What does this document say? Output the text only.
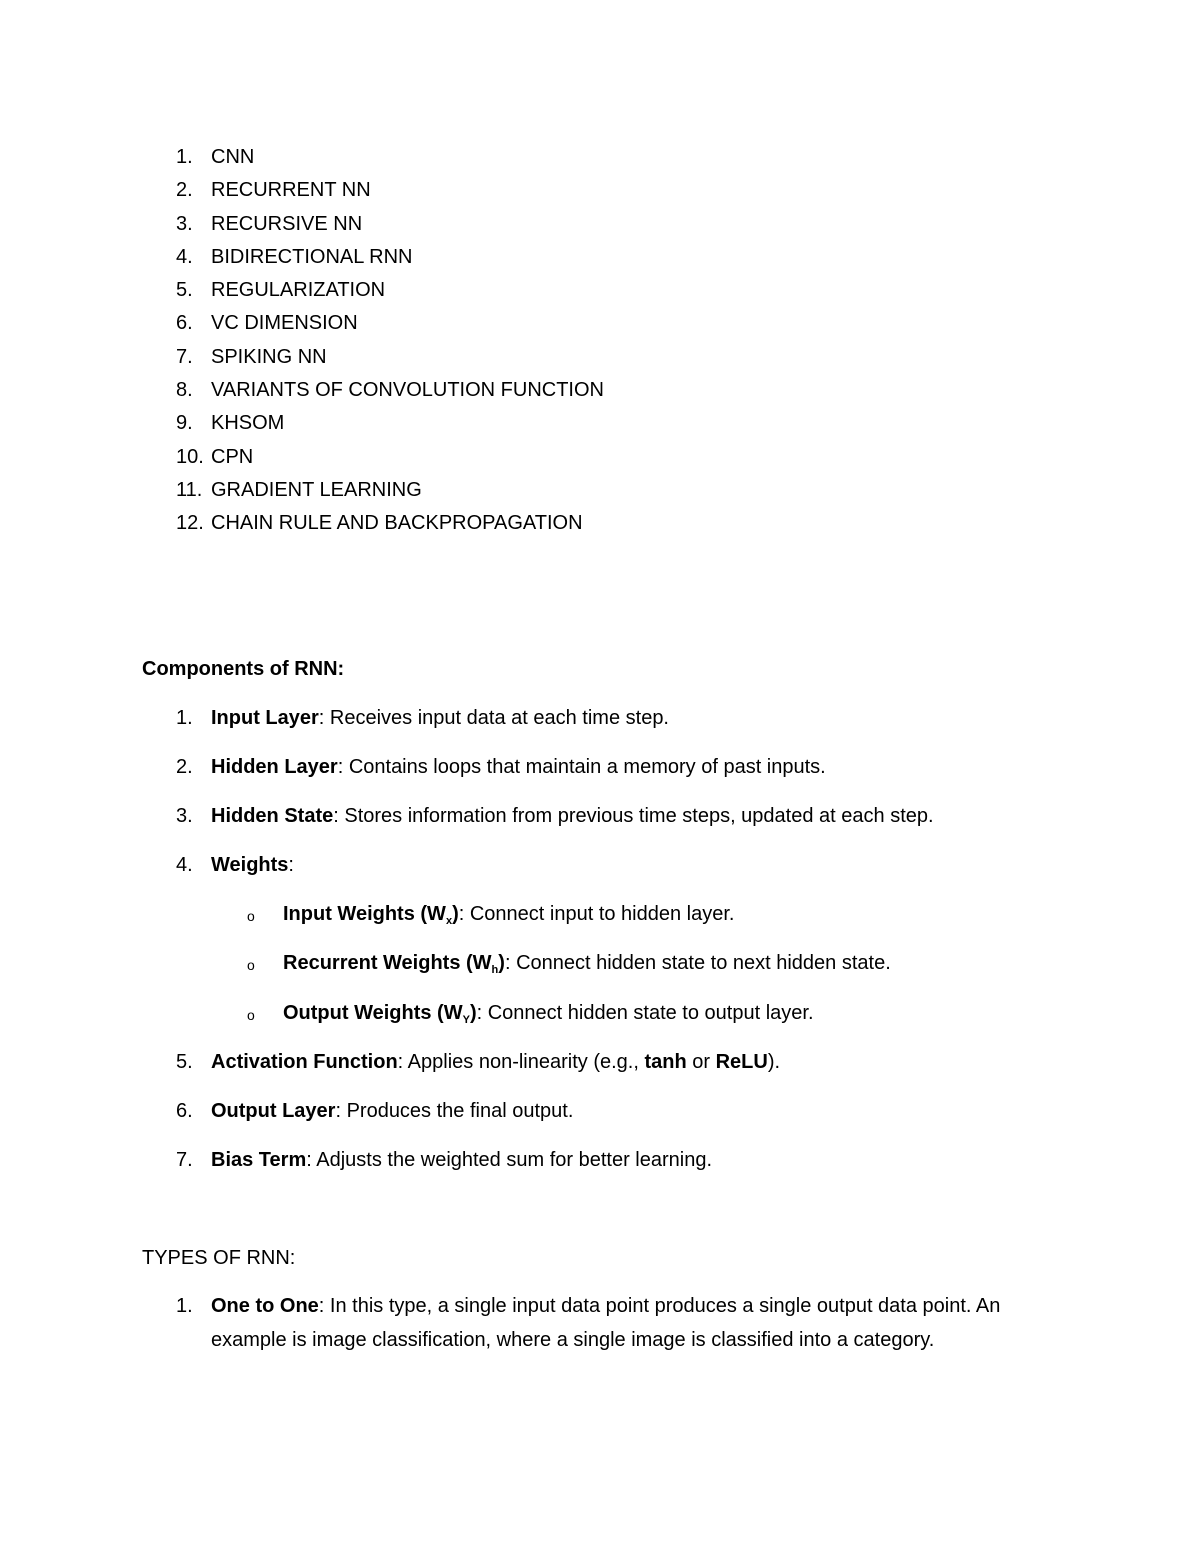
1. CNN
2. RECURRENT NN
3. RECURSIVE NN
4. BIDIRECTIONAL RNN
5. REGULARIZATION
6. VC DIMENSION
7. SPIKING NN
8. VARIANTS OF CONVOLUTION FUNCTION
9. KHSOM
10. CPN
11. GRADIENT LEARNING
12. CHAIN RULE AND BACKPROPAGATION

Components of RNN:

1. Input Layer: Receives input data at each time step.
2. Hidden Layer: Contains loops that maintain a memory of past inputs.
3. Hidden State: Stores information from previous time steps, updated at each step.
4. Weights:
o Input Weights $(W_x)$: Connect input to hidden layer.
o Recurrent Weights $(W_h)$: Connect hidden state to next hidden state.
o Output Weights $(W_Y)$: Connect hidden state to output layer.
5. Activation Function: Applies non-linearity (e.g., tanh or ReLU).
6. Output Layer: Produces the final output.
7. Bias Term: Adjusts the weighted sum for better learning.

TYPES OF RNN:

1. One to One: In this type, a single input data point produces a single output data point. An example is image classification, where a single image is classified into a category.
